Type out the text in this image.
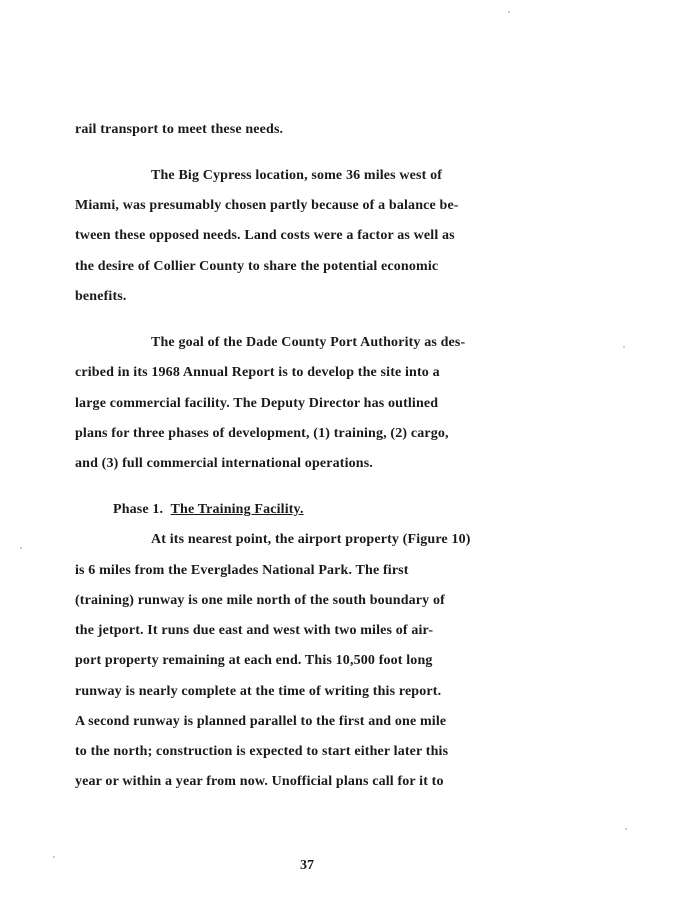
rail transport to meet these needs.
The Big Cypress location, some 36 miles west of
Miami, was presumably chosen partly because of a balance be-
tween these opposed needs. Land costs were a factor as well as
the desire of Collier County to share the potential economic
benefits.
The goal of the Dade County Port Authority as des-
cribed in its 1968 Annual Report is to develop the site into a
large commercial facility. The Deputy Director has outlined
plans for three phases of development, (1) training, (2) cargo,
and (3) full commercial international operations.
Phase 1. The Training Facility.
At its nearest point, the airport property (Figure 10)
is 6 miles from the Everglades National Park. The first
(training) runway is one mile north of the south boundary of
the jetport. It runs due east and west with two miles of air-
port property remaining at each end. This 10,500 foot long
runway is nearly complete at the time of writing this report.
A second runway is planned parallel to the first and one mile
to the north; construction is expected to start either later this
year or within a year from now. Unofficial plans call for it to
37
